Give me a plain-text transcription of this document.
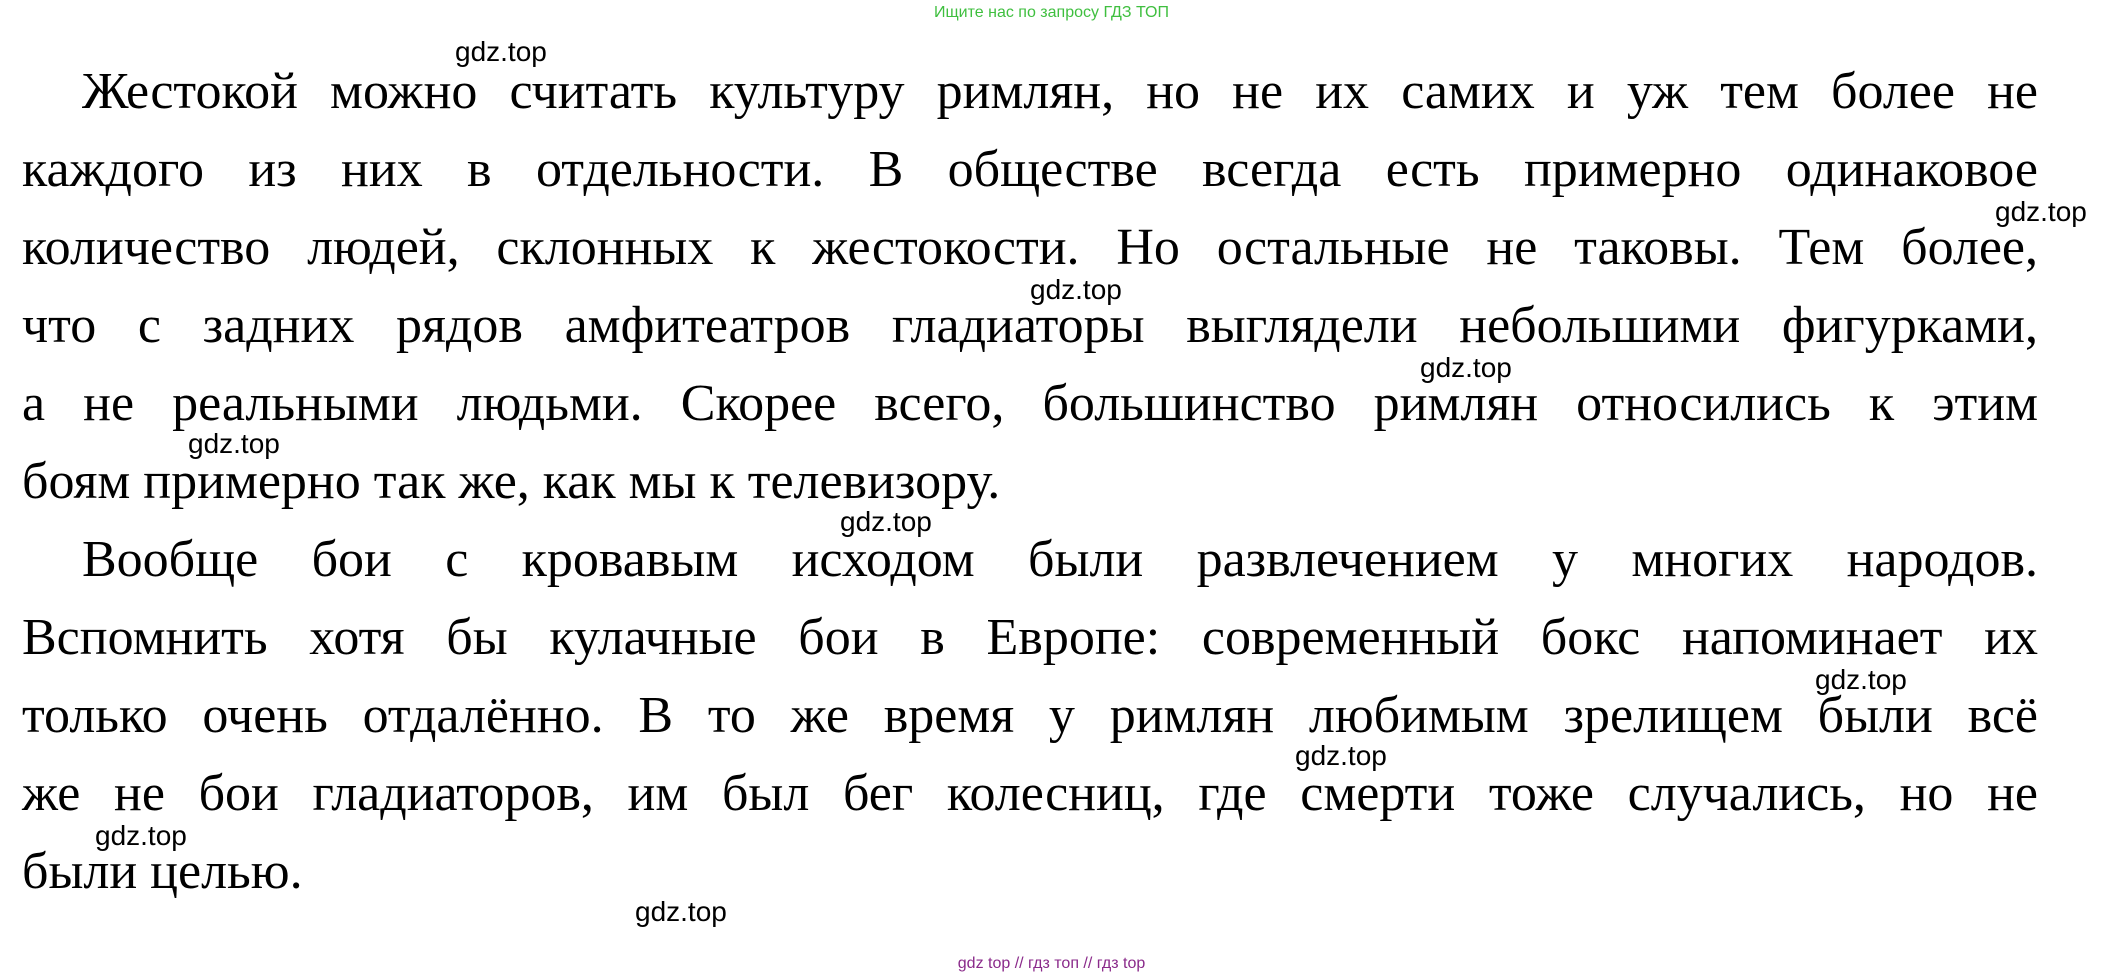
Ищите нас по запросу ГДЗ ТОП
Жестокой можно считать культуру римлян, но не их самих и уж тем более не
каждого из них в отдельности. В обществе всегда есть примерно одинаковое
количество людей, склонных к жестокости. Но остальные не таковы. Тем более,
что с задних рядов амфитеатров гладиаторы выглядели небольшими фигурками,
а не реальными людьми. Скорее всего, большинство римлян относились к этим
боям примерно так же, как мы к телевизору.
Вообще бои с кровавым исходом были развлечением у многих народов.
Вспомнить хотя бы кулачные бои в Европе: современный бокс напоминает их
только очень отдалённо. В то же время у римлян любимым зрелищем были всё
же не бои гладиаторов, им был бег колесниц, где смерти тоже случались, но не
были целью.
gdz.top
gdz.top
gdz.top
gdz.top
gdz.top
gdz.top
gdz.top
gdz.top
gdz.top
gdz.top
gdz top // гдз топ // гдз top
